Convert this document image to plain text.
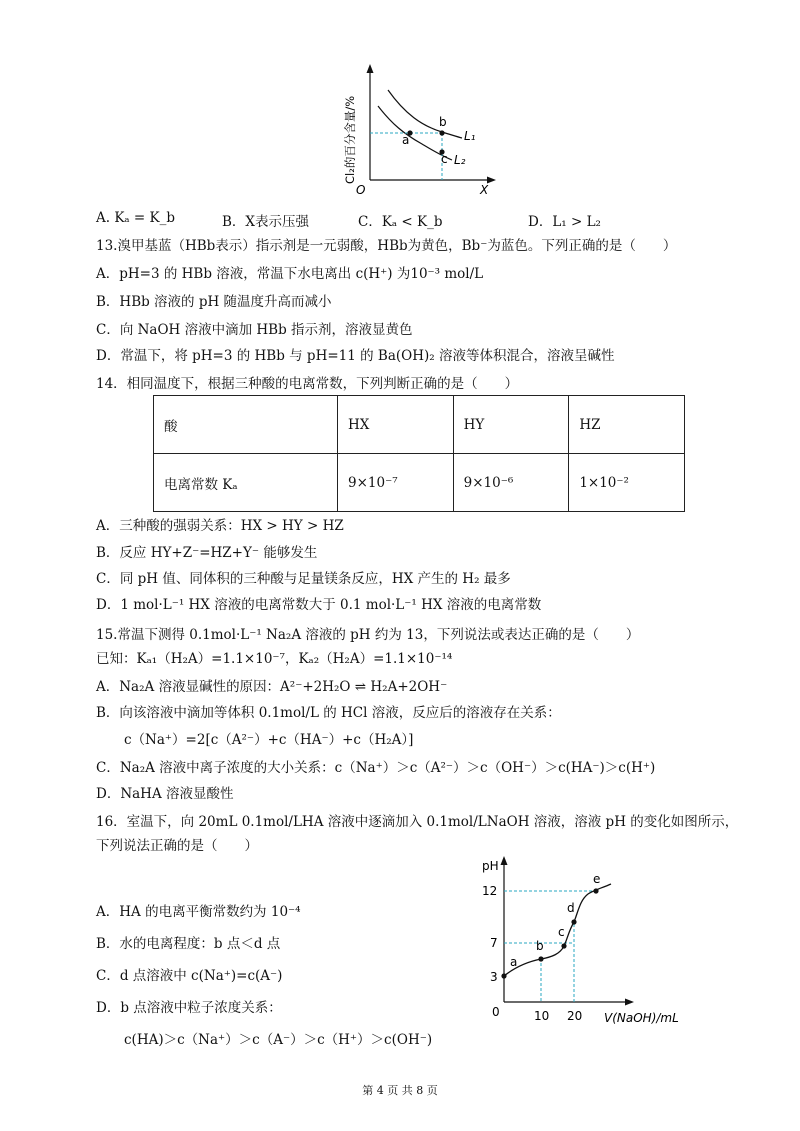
a
b
c
L₁
L₂
O	X
Cl₂的百分含量/%
A. Kₐ = K_b	B．X表示压强	C．Kₐ < K_b	D．L₁ > L₂
13.溴甲基蓝（HBb表示）指示剂是一元弱酸，HBb为黄色，Bb⁻为蓝色。下列正确的是（　　）
A．pH=3 的 HBb 溶液，常温下水电离出 c(H⁺) 为10⁻³ mol/L
B．HBb 溶液的 pH 随温度升高而减小
C．向 NaOH 溶液中滴加 HBb 指示剂，溶液显黄色
D．常温下，将 pH=3 的 HBb 与 pH=11 的 Ba(OH)₂ 溶液等体积混合，溶液呈碱性
14．相同温度下，根据三种酸的电离常数，下列判断正确的是（　　）
酸	HX	HY	HZ
电离常数 Kₐ	9×10⁻⁷	9×10⁻⁶	1×10⁻²
A．三种酸的强弱关系：HX > HY > HZ
B．反应 HY+Z⁻=HZ+Y⁻ 能够发生
C．同 pH 值、同体积的三种酸与足量镁条反应，HX 产生的 H₂ 最多
D．1 mol·L⁻¹ HX 溶液的电离常数大于 0.1 mol·L⁻¹ HX 溶液的电离常数
15.常温下测得 0.1mol·L⁻¹ Na₂A 溶液的 pH 约为 13，下列说法或表达正确的是（　　）
已知：Kₐ₁（H₂A）=1.1×10⁻⁷，Kₐ₂（H₂A）=1.1×10⁻¹⁴
A．Na₂A 溶液显碱性的原因：A²⁻+2H₂O ⇌ H₂A+2OH⁻
B．向该溶液中滴加等体积 0.1mol/L 的 HCl 溶液，反应后的溶液存在关系：
c（Na⁺）=2[c（A²⁻）+c（HA⁻）+c（H₂A）]
C．Na₂A 溶液中离子浓度的大小关系：c（Na⁺）＞c（A²⁻）＞c（OH⁻）＞c(HA⁻)＞c(H⁺)
D．NaHA 溶液显酸性
16．室温下，向 20mL 0.1mol/LHA 溶液中逐滴加入 0.1mol/LNaOH 溶液，溶液 pH 的变化如图所示，
下列说法正确的是（　　）
A．HA 的电离平衡常数约为 10⁻⁴
B．水的电离程度：b 点＜d 点
C．d 点溶液中 c(Na⁺)=c(A⁻)
D．b 点溶液中粒子浓度关系：
c(HA)＞c（Na⁺）＞c（A⁻）＞c（H⁺）＞c(OH⁻)
a
b
c
d
e
pH
12
7
3
0	10 20 V(NaOH)/mL
第 4 页 共 8 页
